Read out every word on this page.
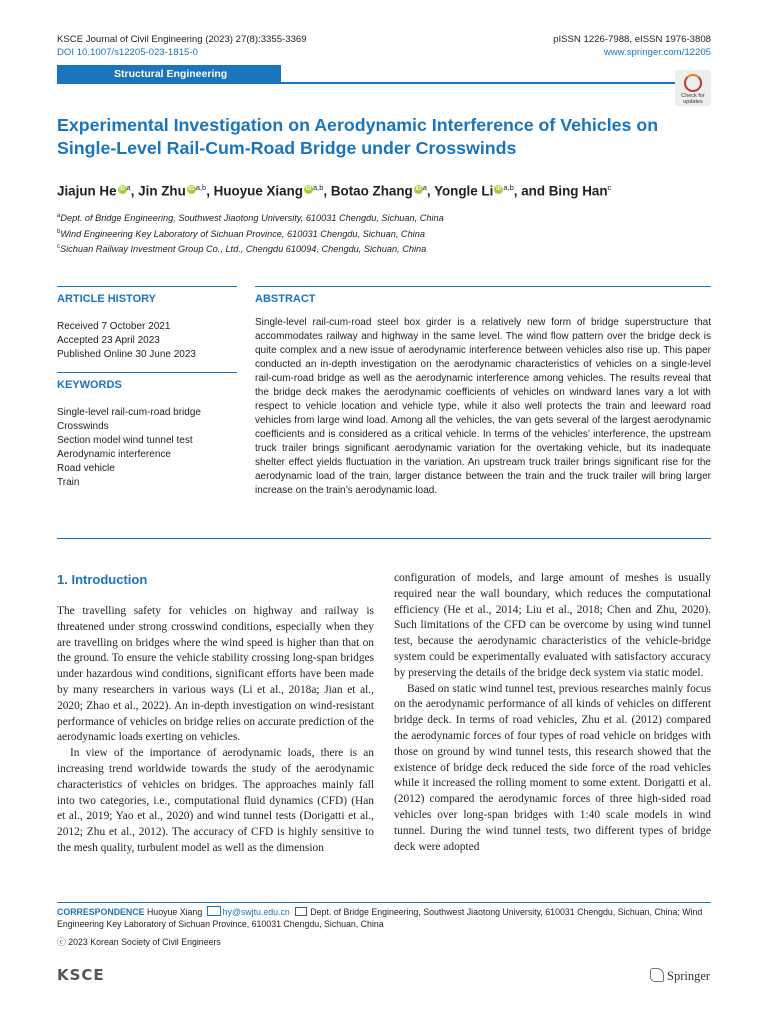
KSCE Journal of Civil Engineering (2023) 27(8):3355-3369
DOI 10.1007/s12205-023-1815-0
pISSN 1226-7988, eISSN 1976-3808
www.springer.com/12205
Structural Engineering
Check for
updates
Experimental Investigation on Aerodynamic Interference of Vehicles on
Single-Level Rail-Cum-Road Bridge under Crosswinds
Jiajun He iD $^a$, Jin Zhu iD $^{a,b}$, Huoyue Xiang iD $^{a,b}$, Botao Zhang iD $^a$, Yongle Li iD $^{a,b}$, and Bing Han$^c$
$^a$Dept. of Bridge Engineering, Southwest Jiaotong University, 610031 Chengdu, Sichuan, China
$^b$Wind Engineering Key Laboratory of Sichuan Province, 610031 Chengdu, Sichuan, China
$^c$Sichuan Railway Investment Group Co., Ltd., Chengdu 610094, Chengdu, Sichuan, China
ARTICLE HISTORY
Received 7 October 2021
Accepted 23 April 2023
Published Online 30 June 2023
KEYWORDS
Single-level rail-cum-road bridge
Crosswinds
Section model wind tunnel test
Aerodynamic interference
Road vehicle
Train
ABSTRACT
Single-level rail-cum-road steel box girder is a relatively new form of bridge superstructure that accommodates railway and highway in the same level. The wind flow pattern over the bridge deck is quite complex and a new issue of aerodynamic interference between vehicles also rise up. This paper conducted an in-depth investigation on the aerodynamic characteristics of vehicles on a single-level rail-cum-road bridge as well as the aerodynamic interference among vehicles. The results reveal that the bridge deck makes the aerodynamic coefficients of vehicles on windward lanes vary a lot with respect to vehicle location and vehicle type, while it also well protects the train and leeward road vehicles from large wind load. Among all the vehicles, the van gets several of the largest aerodynamic coefficients and is considered as a critical vehicle. In terms of the vehicles’ interference, the upstream truck trailer brings significant aerodynamic variation for the overtaking vehicle, but its inadequate shelter effect yields fluctuation in the variation. An upstream truck trailer brings significant rise for the aerodynamic load of the train, larger distance between the train and the truck trailer will bring larger increase on the train’s aerodynamic load.
1. Introduction

The travelling safety for vehicles on highway and railway is threatened under strong crosswind conditions, especially when they are travelling on bridges where the wind speed is higher than that on the ground. To ensure the vehicle stability crossing long-span bridges under hazardous wind conditions, significant efforts have been made by many researchers in various ways (Li et al., 2018a; Jian et al., 2020; Zhao et al., 2022). An in-depth investigation on wind-resistant performance of vehicles on bridge relies on accurate prediction of the aerodynamic loads exerting on vehicles.

In view of the importance of aerodynamic loads, there is an increasing trend worldwide towards the study of the aerodynamic characteristics of vehicles on bridges. The approaches mainly fall into two categories, i.e., computational fluid dynamics (CFD) (Han et al., 2019; Yao et al., 2020) and wind tunnel tests (Dorigatti et al., 2012; Zhu et al., 2012). The accuracy of CFD is highly sensitive to the mesh quality, turbulent model as well as the dimension

configuration of models, and large amount of meshes is usually required near the wall boundary, which reduces the computational efficiency (He et al., 2014; Liu et al., 2018; Chen and Zhu, 2020). Such limitations of the CFD can be overcome by using wind tunnel test, because the aerodynamic characteristics of the vehicle-bridge system could be experimentally evaluated with satisfactory accuracy by preserving the details of the bridge deck system via static model.

Based on static wind tunnel test, previous researches mainly focus on the aerodynamic performance of all kinds of vehicles on different bridge deck. In terms of road vehicles, Zhu et al. (2012) compared the aerodynamic forces of four types of road vehicle on bridges with those on ground by wind tunnel tests, this research showed that the existence of bridge deck reduced the side force of the road vehicles while it increased the rolling moment to some extent. Dorigatti et al. (2012) compared the aerodynamic forces of three high-sided road vehicles over long-span bridges with 1:40 scale models in wind tunnel. During the wind tunnel tests, two different types of bridge deck were adopted

CORRESPONDENCE Huoyue Xiang hy@swjtu.edu.cn Dept. of Bridge Engineering, Southwest Jiaotong University, 610031 Chengdu, Sichuan, China; Wind Engineering Key Laboratory of Sichuan Province, 610031 Chengdu, Sichuan, China
ⓒ 2023 Korean Society of Civil Engineers
KSCE	Springer
